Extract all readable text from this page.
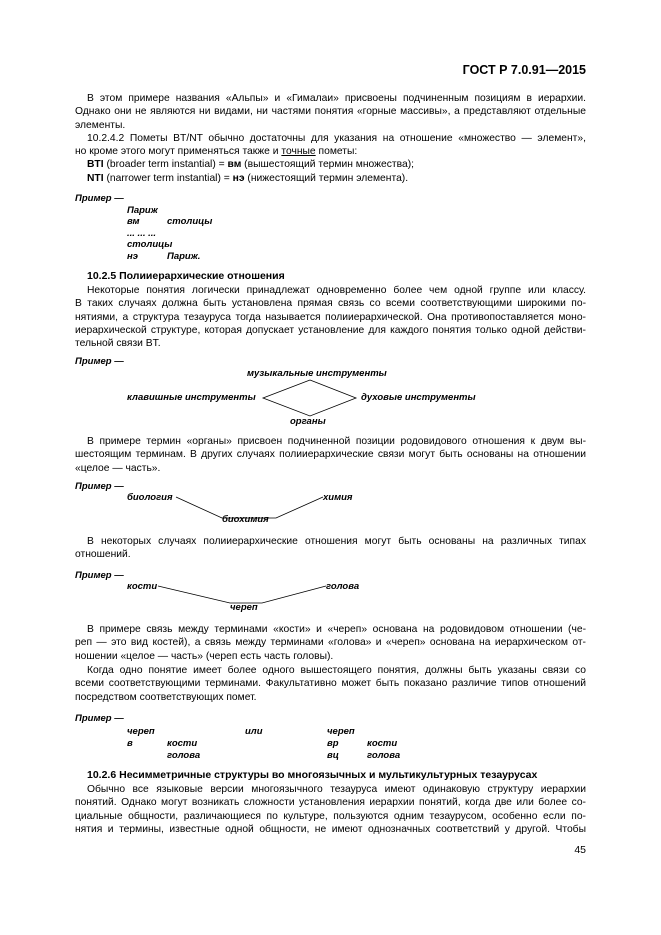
ГОСТ Р 7.0.91—2015
В этом примере названия «Альпы» и «Гималаи» присвоены подчиненным позициям в иерархии.
Однако они не являются ни видами, ни частями понятия «горные массивы», а представляют отдельные
элементы.
10.2.4.2 Пометы BT/NT обычно достаточны для указания на отношение «множество — элемент»,
но кроме этого могут применяться также и точные пометы:
BTI (broader term instantial) = вм (вышестоящий термин множества);
NTI (narrower term instantial) = нэ (нижестоящий термин элемента).
Пример —
Париж
вм	столицы
... ... ...
столицы
нэ	Париж.
10.2.5 Полииерархические отношения
Некоторые понятия логически принадлежат одновременно более чем одной группе или классу.
В таких случаях должна быть установлена прямая связь со всеми соответствующими широкими по-
нятиями, а структура тезауруса тогда называется полииерархической. Она противопоставляется моно-
иерархической структуре, которая допускает установление для каждого понятия только одной действи-
тельной связи BT.
Пример —
музыкальные инструменты
клавишные инструменты	духовые инструменты
органы
В примере термин «органы» присвоен подчиненной позиции родовидового отношения к двум вы-
шестоящим терминам. В других случаях полииерархические связи могут быть основаны на отношении
«целое — часть».
Пример —
биология	химия
биохимия
В некоторых случаях полииерархические отношения могут быть основаны на различных типах
отношений.
Пример —
кости	голова
череп
В примере связь между терминами «кости» и «череп» основана на родовидовом отношении (че-
реп — это вид костей), а связь между терминами «голова» и «череп» основана на иерархическом от-
ношении «целое — часть» (череп есть часть головы).
Когда одно понятие имеет более одного вышестоящего понятия, должны быть указаны связи со
всеми соответствующими терминами. Факультативно может быть показано различие типов отношений
посредством соответствующих помет.
Пример —
череп
в	кости
голова
или	череп
вр	кости
вц	голова
10.2.6 Несимметричные структуры во многоязычных и мультикультурных тезаурусах
Обычно все языковые версии многоязычного тезауруса имеют одинаковую структуру иерархии
понятий. Однако могут возникать сложности установления иерархии понятий, когда две или более со-
циальные общности, различающиеся по культуре, пользуются одним тезаурусом, особенно если по-
нятия и термины, известные одной общности, не имеют однозначных соответствий у другой. Чтобы
45
